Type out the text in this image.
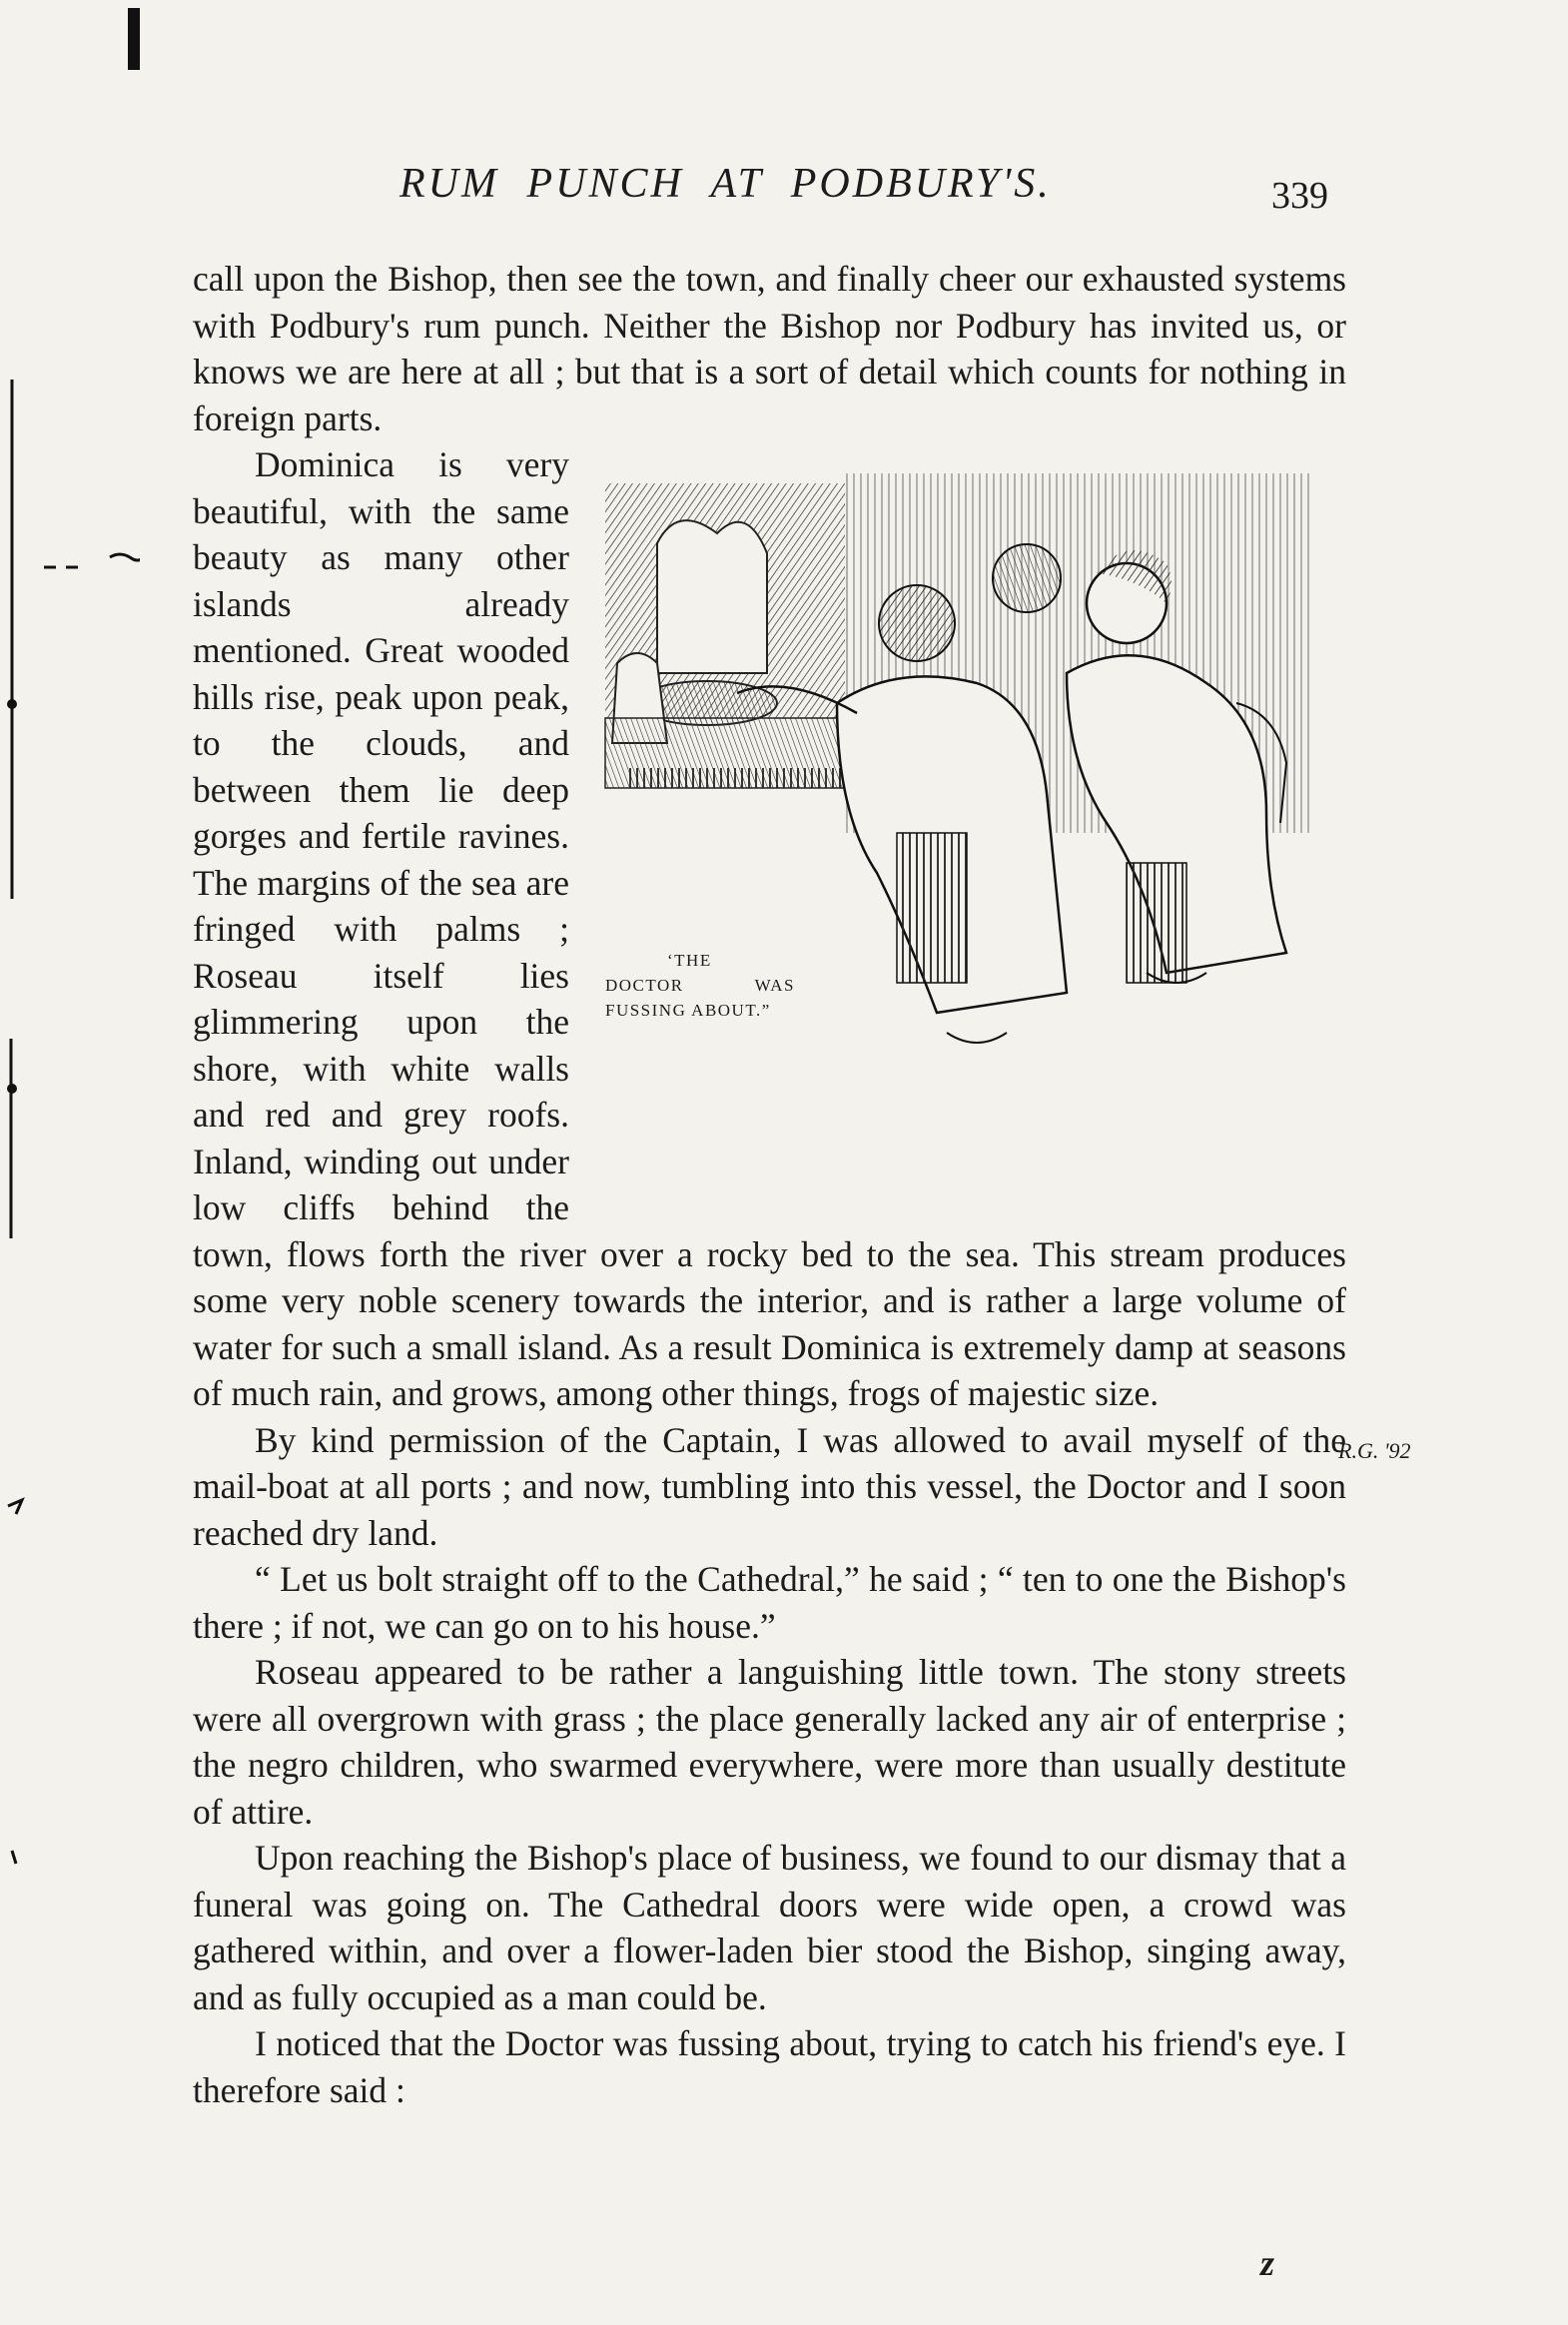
RUM PUNCH AT PODBURY'S.	339

call upon the Bishop, then see the town, and finally cheer our exhausted systems with Podbury's rum punch. Neither the Bishop nor Podbury has invited us, or knows we are here at all ; but that is a sort of detail which counts for nothing in foreign parts.

‘THE DOCTOR WAS FUSSING ABOUT.”
Dominica is very beautiful, with the same beauty as many other islands already mentioned. Great wooded hills rise, peak upon peak, to the clouds, and between them lie deep gorges and fertile ravines. The margins of the sea are fringed with palms ; Roseau itself lies glimmering upon the shore, with white walls and red and grey roofs. Inland, winding out under low cliffs behind the town, flows forth the river over a rocky bed to the sea. This stream produces some very noble scenery towards the interior, and is rather a large volume of water for such a small island. As a result Dominica is extremely damp at seasons of much rain, and grows, among other things, frogs of majestic size.

By kind permission of the Captain, I was allowed to avail myself of the mail-boat at all ports ; and now, tumbling into this vessel, the Doctor and I soon reached dry land.

“ Let us bolt straight off to the Cathedral,” he said ; “ ten to one the Bishop's there ; if not, we can go on to his house.”

Roseau appeared to be rather a languishing little town. The stony streets were all overgrown with grass ; the place generally lacked any air of enterprise ; the negro children, who swarmed everywhere, were more than usually destitute of attire.

Upon reaching the Bishop's place of business, we found to our dismay that a funeral was going on. The Cathedral doors were wide open, a crowd was gathered within, and over a flower-laden bier stood the Bishop, singing away, and as fully occupied as a man could be.

I noticed that the Doctor was fussing about, trying to catch his friend's eye. I therefore said :

R.G. '92
z
